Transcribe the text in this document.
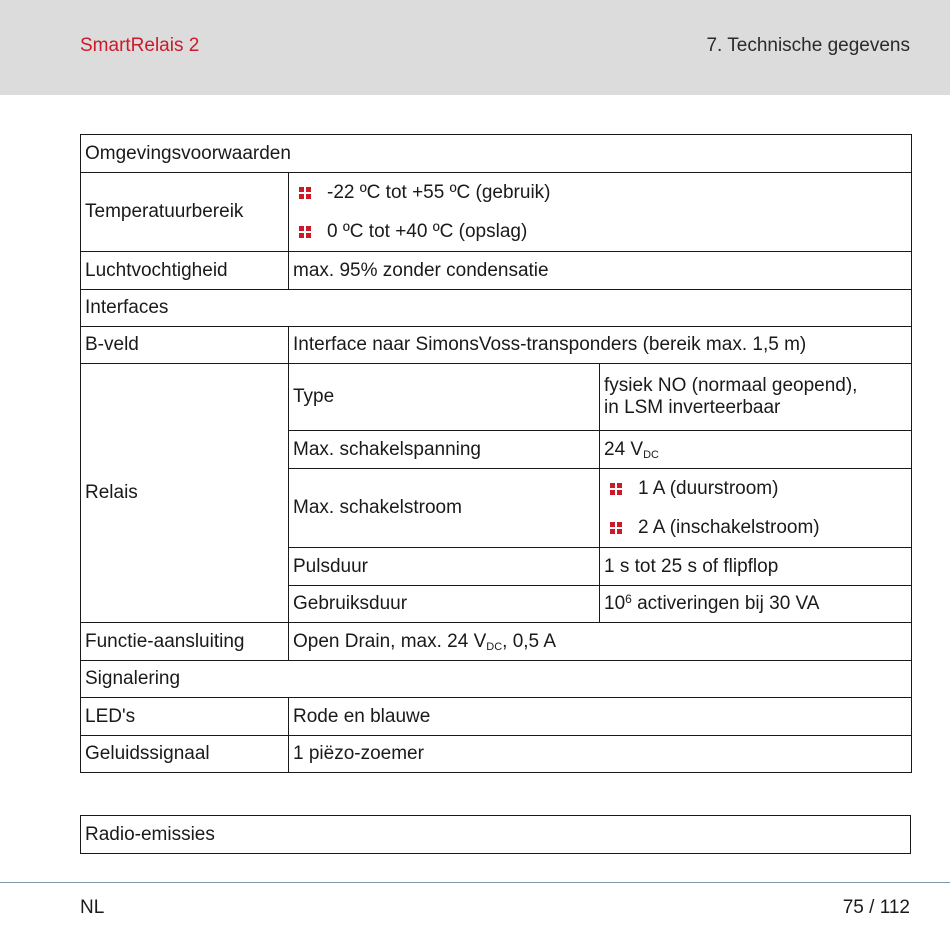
SmartRelais 2	7. Technische gegevens
Omgevingsvoorwaarden		
Temperatuurbereik	-22 ºC tot +55 ºC (gebruik)
0 ºC tot +40 ºC (opslag)	

Luchtvochtigheid	max. 95% zonder condensatie	
Interfaces		
B-veld	Interface naar SimonsVoss-transponders (bereik max. 1,5 m)	
Relais	Type	fysiek NO (normaal geopend),
in LSM inverteerbaar

	Max. schakelspanning	24 $V_{DC}$
	Max. schakelstroom	1 A (duurstroom)
2 A (inschakelstroom)

	Pulsduur	1 s tot 25 s of flipflop
	Gebruiksduur	$10^6$ activeringen bij 30 VA
Functie-aansluiting	Open Drain, max. 24 $V_{DC}$, 0,5 A	
Signalering		
LED's	Rode en blauwe	
Geluidssignaal	1 piëzo-zoemer	
Radio-emissies
NL	75 / 112
